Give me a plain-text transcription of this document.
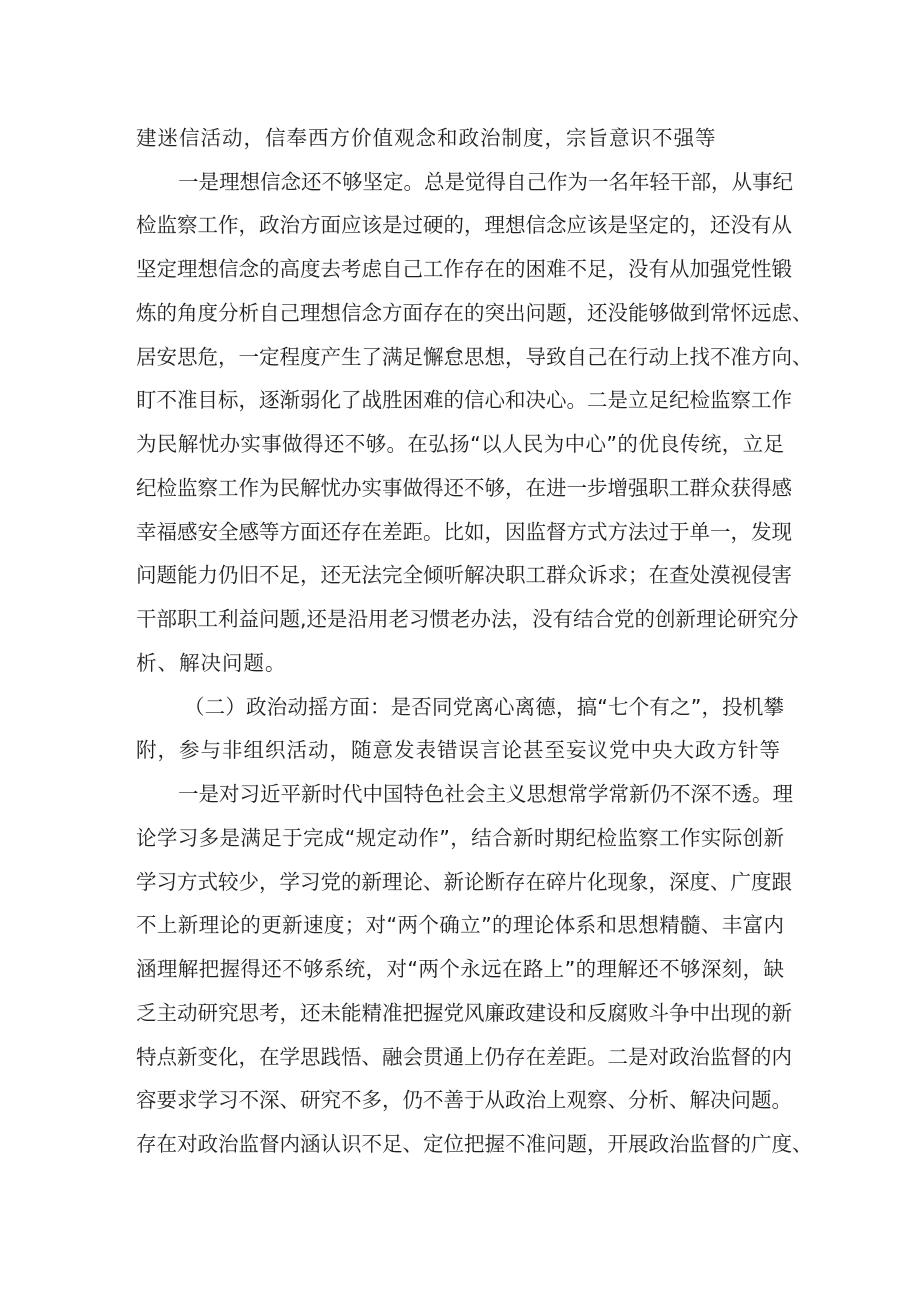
建迷信活动，信奉西方价值观念和政治制度，宗旨意识不强等
一是理想信念还不够坚定。总是觉得自己作为一名年轻干部，从事纪
检监察工作，政治方面应该是过硬的，理想信念应该是坚定的，还没有从
坚定理想信念的高度去考虑自己工作存在的困难不足，没有从加强党性锻
炼的角度分析自己理想信念方面存在的突出问题，还没能够做到常怀远虑、
居安思危，一定程度产生了满足懈怠思想，导致自己在行动上找不准方向、
盯不准目标，逐渐弱化了战胜困难的信心和决心。二是立足纪检监察工作
为民解忧办实事做得还不够。在弘扬“以人民为中心”的优良传统，立足
纪检监察工作为民解忧办实事做得还不够，在进一步增强职工群众获得感
幸福感安全感等方面还存在差距。比如，因监督方式方法过于单一，发现
问题能力仍旧不足，还无法完全倾听解决职工群众诉求；在查处漠视侵害
干部职工利益问题,还是沿用老习惯老办法，没有结合党的创新理论研究分
析、解决问题。
（二）政治动摇方面：是否同党离心离德，搞“七个有之”，投机攀
附，参与非组织活动，随意发表错误言论甚至妄议党中央大政方针等
一是对习近平新时代中国特色社会主义思想常学常新仍不深不透。理
论学习多是满足于完成“规定动作”，结合新时期纪检监察工作实际创新
学习方式较少，学习党的新理论、新论断存在碎片化现象，深度、广度跟
不上新理论的更新速度；对“两个确立”的理论体系和思想精髓、丰富内
涵理解把握得还不够系统，对“两个永远在路上”的理解还不够深刻，缺
乏主动研究思考，还未能精准把握党风廉政建设和反腐败斗争中出现的新
特点新变化，在学思践悟、融会贯通上仍存在差距。二是对政治监督的内
容要求学习不深、研究不多，仍不善于从政治上观察、分析、解决问题。
存在对政治监督内涵认识不足、定位把握不准问题，开展政治监督的广度、
